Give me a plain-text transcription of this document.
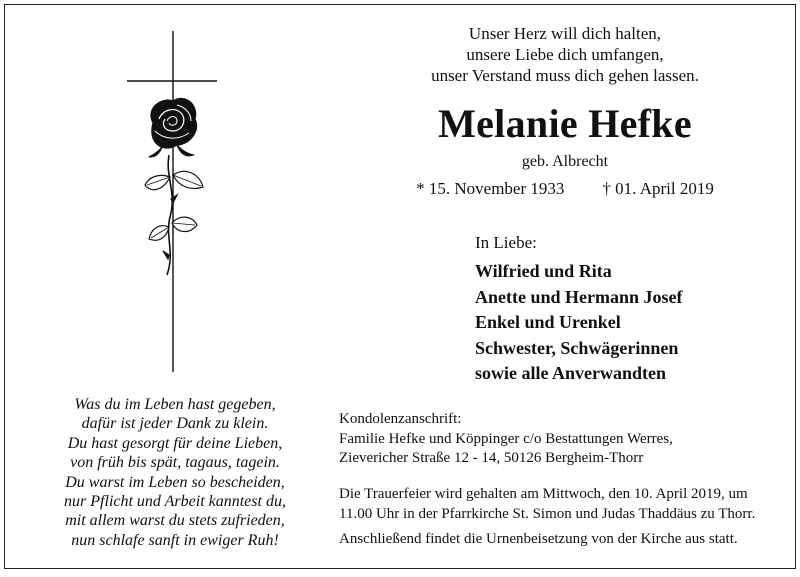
Unser Herz will dich halten,
unsere Liebe dich umfangen,
unser Verstand muss dich gehen lassen.
Melanie Hefke
geb. Albrecht
* 15. November 1933 † 01. April 2019
In Liebe:
Wilfried und Rita
Anette und Hermann Josef
Enkel und Urenkel
Schwester, Schwägerinnen
sowie alle Anverwandten
Was du im Leben hast gegeben,
dafür ist jeder Dank zu klein.
Du hast gesorgt für deine Lieben,
von früh bis spät, tagaus, tagein.
Du warst im Leben so bescheiden,
nur Pflicht und Arbeit kanntest du,
mit allem warst du stets zufrieden,
nun schlafe sanft in ewiger Ruh!
Kondolenzanschrift:
Familie Hefke und Köppinger c/o Bestattungen Werres,
Zievericher Straße 12 - 14, 50126 Bergheim-Thorr
Die Trauerfeier wird gehalten am Mittwoch, den 10. April 2019, um
11.00 Uhr in der Pfarrkirche St. Simon und Judas Thaddäus zu Thorr.
Anschließend findet die Urnenbeisetzung von der Kirche aus statt.
